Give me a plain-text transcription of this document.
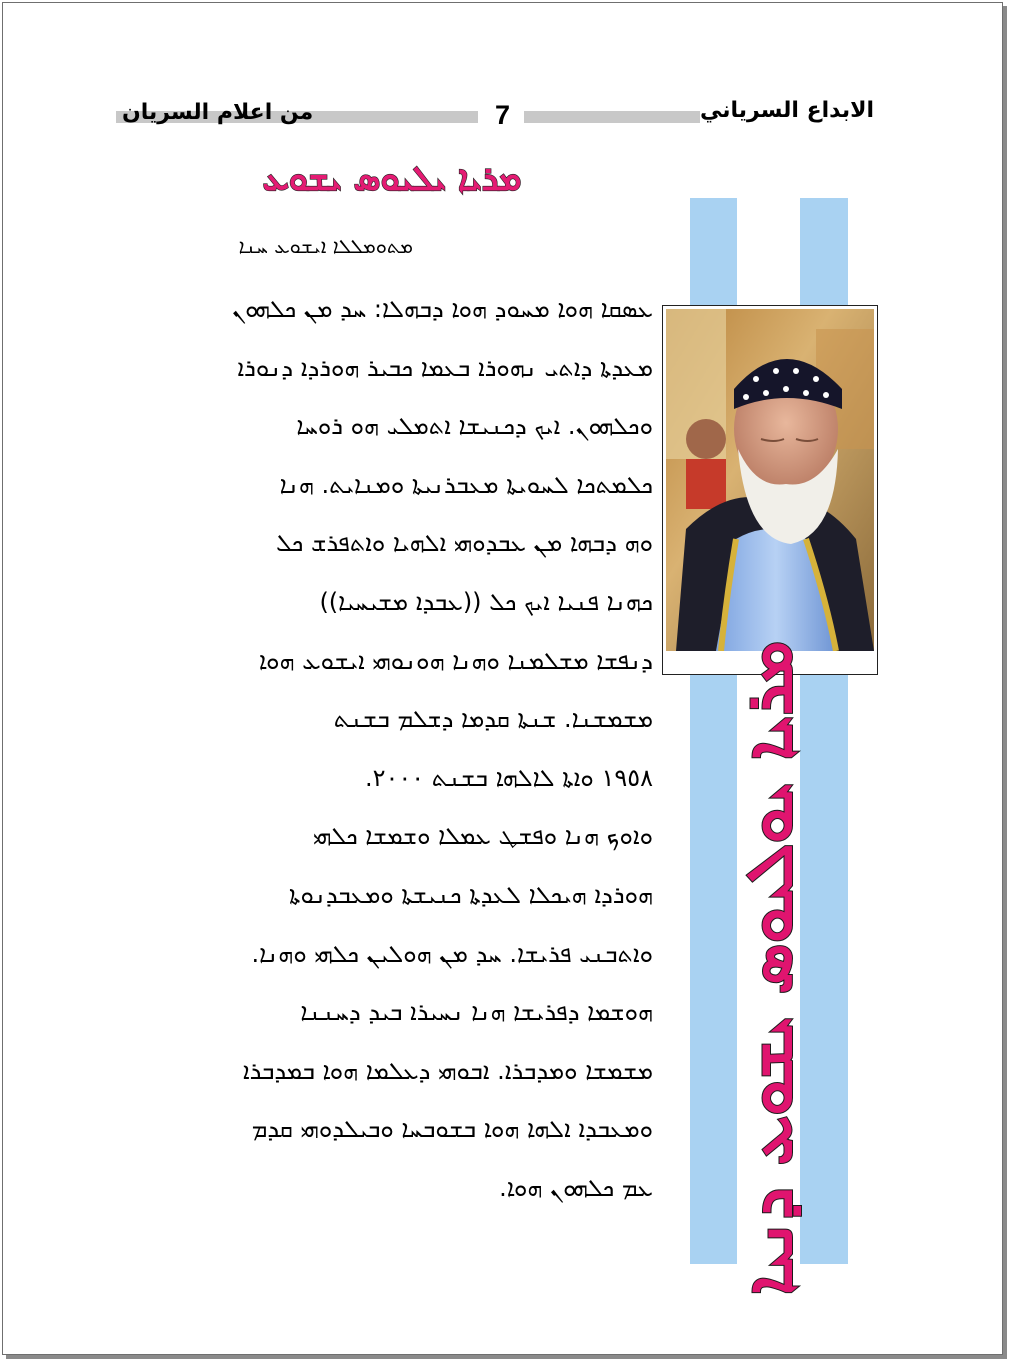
من اعلام السريان	الابداع السرياني
7
ܡܪܝܐ ܝܠܝܘܣ ܝܫܘܥ
ܡܬܘܡܠܠܐ ܐܝܫܘܥ ܚܢܐ
ܡܪܝܐ ܝܘܠܝܘܣ ܝܫܘܥ ܕܢܝܐ
ܥܣܩܐ ܗܘܐ ܡܚܘܕ ܗܘܐ ܕܒܗܠܐ: ܚܕ ܡܢ ܟܠܗܘܢ
ܡܥܕܬܐ ܕܐܬܝ ܢܗܘܪܐ ܒܥܡܐ ܟܒܝܪ ܗܘܪܕܐ ܕܢܘܪܐ
ܘܟܠܗܘܢ. ܐܝܟ ܕܟܢܝܫܐ ܐܬܡܠܝ ܗܘ ܪܘܚܐ
ܟܠܡܬܟܐ ܠܚܘܝܬܐ ܡܥܒܪܢܝܬܐ ܘܡܢܐܝܬ. ܗܢܐ
ܘܗ ܕܒܗܐ ܡܢ ܥܒܕܘܗܝ ܐܠܗܝܐ ܘܐܬܦܪܫ ܟܠ
ܟܗܢܐ ܦܢܝܐ ܐܝܟ ܟܠ ((ܥܒܕܐ ܡܫܝܚܝܐ))
ܕܢܦܫܐ ܡܫܠܡܢܐ ܘܗܢܐ ܗܘܢܘܗܝ ܐܝܫܘܥ ܗܘܐ
ܡܫܡܫܢܐ. ܫܢܬܐ ܩܕܡܐ ܕܫܠܡ ܒܫܢܬ
١٩٥٨ ܘܐܬܐ ܠܐܠܗܐ ܒܫܢܬ ٢٠٠٠.
ܘܐܘܟ ܗܢܐ ܘܦܫܛ ܥܡܠܐ ܘܫܡܫܐ ܟܠܗܝ
ܗܘܪܕܐ ܗܝܟܠܐ ܠܥܕܬܐ ܟܢܝܫܬܐ ܘܡܥܒܕܢܘܬܐ
ܘܐܬܒܢܝ ܦܪܝܫܐ. ܚܕ ܡܢ ܗܘܠܝܢ ܟܠܗܝ ܘܗܢܐ.
ܗܘܫܡܐ ܕܦܪܝܫܐ ܗܢܐ ܢܚܝܪܐ ܒܝܕ ܕܚܢܢܐ
ܡܫܡܫܐ ܘܡܕܒܪܐ. ܐܒܘܗܝ ܕܥܠܡܐ ܗܘܐ ܒܡܕܒܪܐ
ܘܡܥܒܕܐ ܐܠܗܐ ܗܘܐ ܒܫܘܒܚܐ ܘܒܝܠܕܘܗܝ ܩܕܡ
ܥܡ ܟܠܗܘܢ ܗܘܐ.
